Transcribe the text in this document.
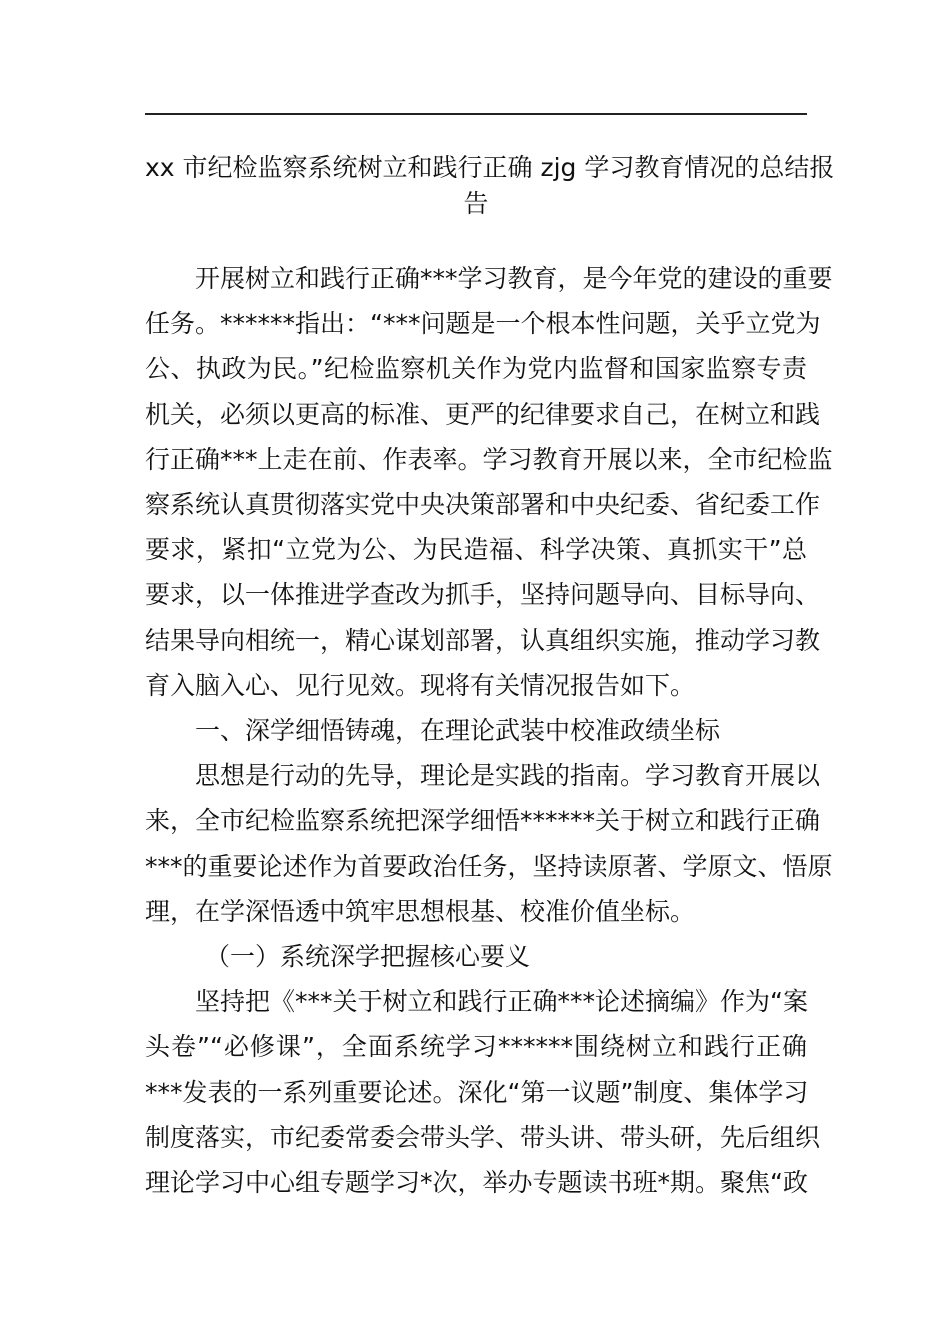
xx 市纪检监察系统树立和践行正确 zjg 学习教育情况的总结报
告
开展树立和践行正确***学习教育，是今年党的建设的重要
任务。******指出：“***问题是一个根本性问题，关乎立党为
公、执政为民。”纪检监察机关作为党内监督和国家监察专责
机关，必须以更高的标准、更严的纪律要求自己，在树立和践
行正确***上走在前、作表率。学习教育开展以来，全市纪检监
察系统认真贯彻落实党中央决策部署和中央纪委、省纪委工作
要求，紧扣“立党为公、为民造福、科学决策、真抓实干”总
要求，以一体推进学查改为抓手，坚持问题导向、目标导向、
结果导向相统一，精心谋划部署，认真组织实施，推动学习教
育入脑入心、见行见效。现将有关情况报告如下。
一、深学细悟铸魂，在理论武装中校准政绩坐标
思想是行动的先导，理论是实践的指南。学习教育开展以
来，全市纪检监察系统把深学细悟******关于树立和践行正确
***的重要论述作为首要政治任务，坚持读原著、学原文、悟原
理，在学深悟透中筑牢思想根基、校准价值坐标。
（一）系统深学把握核心要义
坚持把《***关于树立和践行正确***论述摘编》作为“案
头卷”“必修课”，全面系统学习******围绕树立和践行正确
***发表的一系列重要论述。深化“第一议题”制度、集体学习
制度落实，市纪委常委会带头学、带头讲、带头研，先后组织
理论学习中心组专题学习*次，举办专题读书班*期。聚焦“政
